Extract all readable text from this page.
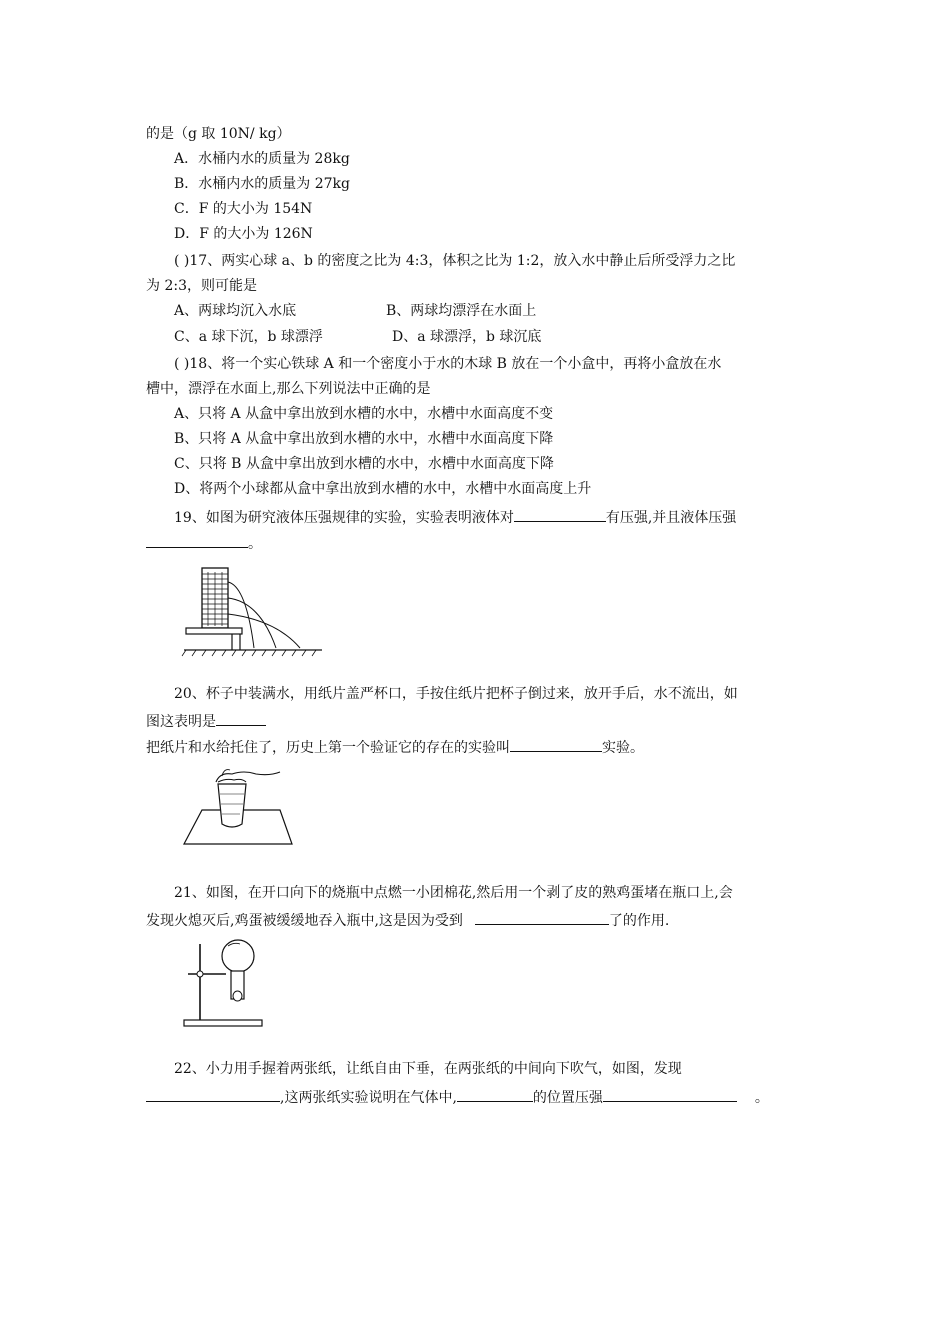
的是（g 取 10N/ kg）
A．水桶内水的质量为 28kg
B．水桶内水的质量为 27kg
C．F 的大小为 154N
D．F 的大小为 126N
( )17、两实心球 a、b 的密度之比为 4:3，体积之比为 1:2，放入水中静止后所受浮力之比
为 2:3，则可能是
A、两球均沉入水底	B、两球均漂浮在水面上
C、a 球下沉，b 球漂浮	D、a 球漂浮，b 球沉底
( )18、将一个实心铁球 A 和一个密度小于水的木球 B 放在一个小盒中，再将小盒放在水
槽中，漂浮在水面上,那么下列说法中正确的是
A、只将 A 从盒中拿出放到水槽的水中，水槽中水面高度不变
B、只将 A 从盒中拿出放到水槽的水中，水槽中水面高度下降
C、只将 B 从盒中拿出放到水槽的水中，水槽中水面高度下降
D、将两个小球都从盒中拿出放到水槽的水中，水槽中水面高度上升
19、如图为研究液体压强规律的实验，实验表明液体对	有压强,并且液体压强
。
20、杯子中装满水，用纸片盖严杯口，手按住纸片把杯子倒过来，放开手后，水不流出，如
图这表明是
把纸片和水给托住了，历史上第一个验证它的存在的实验叫	实验。
21、如图，在开口向下的烧瓶中点燃一小团棉花,然后用一个剥了皮的熟鸡蛋堵在瓶口上,会
发现火熄灭后,鸡蛋被缓缓地吞入瓶中,这是因为受到	了的作用.
22、小力用手握着两张纸，让纸自由下垂，在两张纸的中间向下吹气，如图，发现
,这两张纸实验说明在气体中,	的位置压强	。
